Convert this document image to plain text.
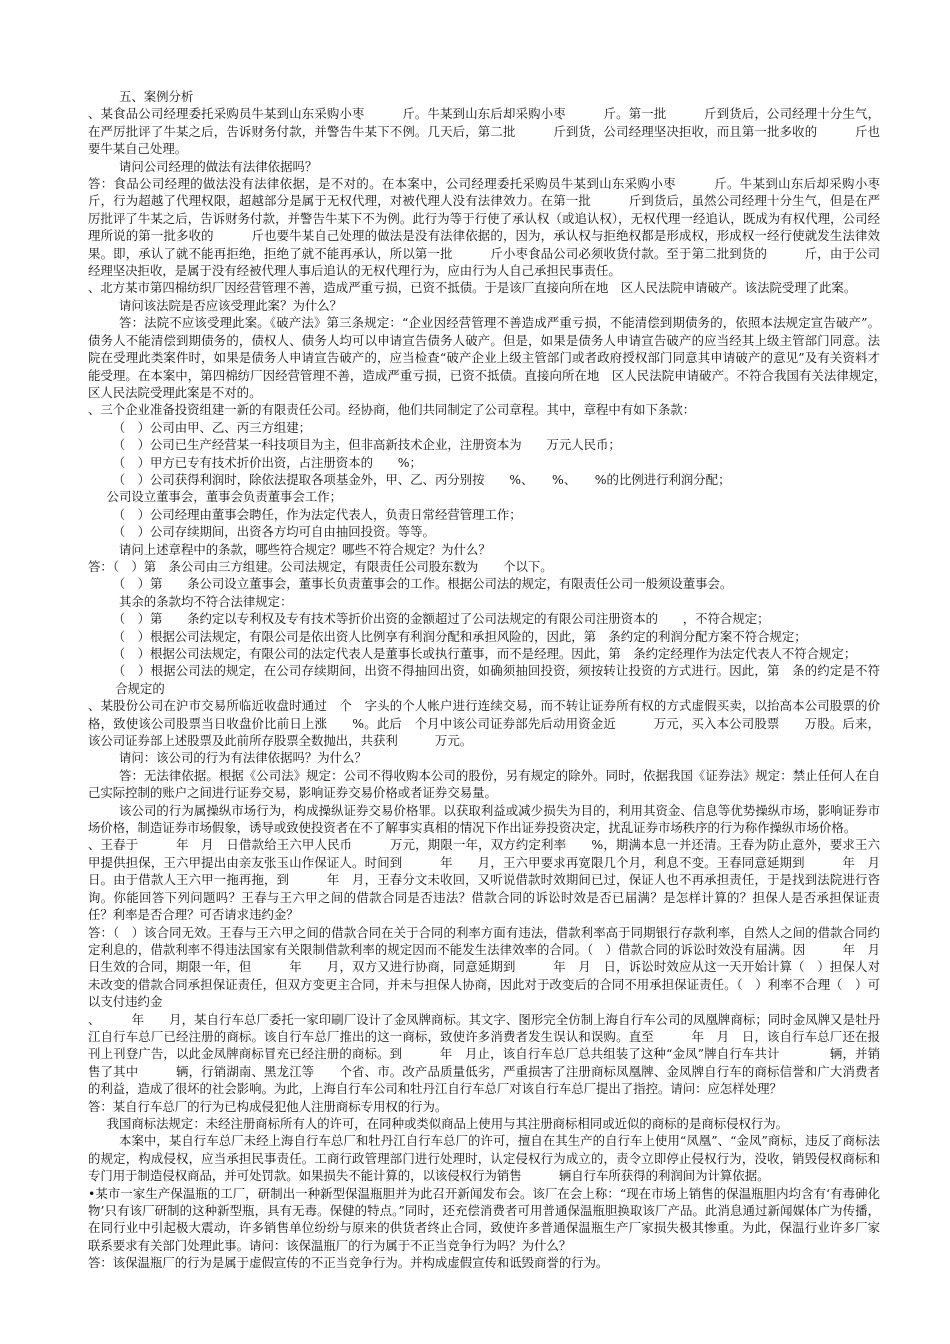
五、案例分析

、某食品公司经理委托采购员牛某到山东采购小枣　　　斤。牛某到山东后却采购小枣　　　斤。第一批　　　斤到货后，公司经理十分生气，在严厉批评了牛某之后，告诉财务付款，并警告牛某下不例。几天后，第二批　　　斤到货，公司经理坚决拒收，而且第一批多收的　　　斤也要牛某自己处理。

请问公司经理的做法有法律依据吗？

答：食品公司经理的做法没有法律依据，是不对的。在本案中，公司经理委托采购员牛某到山东采购小枣　　　斤。牛某到山东后却采购小枣　　　斤，行为超越了代理权限，超越部分是属于无权代理，对被代理人没有法律效力。在第一批　　　斤到货后，虽然公司经理十分生气，但是在严厉批评了牛某之后，告诉财务付款，并警告牛某下不为例。此行为等于行使了承认权（或追认权），无权代理一经追认，既成为有权代理，公司经理所说的第一批多收的　　　斤也要牛某自己处理的做法是没有法律依据的，因为，承认权与拒绝权都是形成权，形成权一经行使就发生法律效果。即，承认了就不能再拒绝，拒绝了就不能再承认，所以第一批　　　斤小枣食品公司必须收货付款。至于第二批到货的　　　斤，由于公司经理坚决拒收，是属于没有经被代理人事后追认的无权代理行为，应由行为人自己承担民事责任。

、北方某市第四棉纺织厂因经营管理不善，造成严重亏损，已资不抵债。于是该厂直接向所在地　区人民法院申请破产。该法院受理了此案。

请问该法院是否应该受理此案？为什么？

答：法院不应该受理此案。《破产法》第三条规定：“企业因经营管理不善造成严重亏损，不能清偿到期债务的，依照本法规定宣告破产”。债务人不能清偿到期债务的，债权人、债务人均可以申请宣告债务人破产。但是，如果是债务人申请宣告破产的应当经其上级主管部门同意。法院在受理此类案件时，如果是债务人申请宣告破产的，应当检查“破产企业上级主管部门或者政府授权部门同意其申请破产的意见”及有关资料才能受理。在本案中，第四棉纺厂因经营管理不善，造成严重亏损，已资不抵债。直接向所在地　区人民法院申请破产。不符合我国有关法律规定，　区人民法院受理此案是不对的。

、三个企业准备投资组建一新的有限责任公司。经协商，他们共同制定了公司章程。其中，章程中有如下条款：

（　）公司由甲、乙、丙三方组建；

（　）公司已生产经营某一科技项目为主，但非高新技术企业，注册资本为　　万元人民币；

（　）甲方已专有技术折价出资，占注册资本的　　%；

（　）公司获得利润时，除依法提取各项基金外，甲、乙、丙分别按　　%、　　%、　　%的比例进行利润分配；

公司设立董事会，董事会负责董事会工作；

（　）公司经理由董事会聘任，作为法定代表人，负责日常经营管理工作；

（　）公司存续期间，出资各方均可自由抽回投资。等等。

请问上述章程中的条款，哪些符合规定？哪些不符合规定？为什么？

答：（　）第　条公司由三方组建。公司法规定，有限责任公司股东数为　　个以下。

（　）第　　条公司设立董事会，董事长负责董事会的工作。根据公司法的规定，有限责任公司一般须设董事会。

其余的条款均不符合法律规定：

（　）第　　条约定以专利权及专有技术等折价出资的金额超过了公司法规定的有限公司注册资本的　　，不符合规定；

（　）根据公司法规定，有限公司是依出资人比例享有利润分配和承担风险的，因此，第　条约定的利润分配方案不符合规定；

（　）根据公司法规定，有限公司的法定代表人是董事长或执行董事，而不是经理。因此，第　条约定经理作为法定代表人不符合规定；

（　）根据公司法的规定，在公司存续期间，出资不得抽回出资，如确须抽回投资，须按转让投资的方式进行。因此，第　条的约定是不符合规定的

、某股份公司在沪市交易所临近收盘时通过　个　字头的个人帐户进行连续交易，而不转让证券所有权的方式虚假买卖，以抬高本公司股票的价格，致使该公司股票当日收盘价比前日上涨　　%。此后　个月中该公司证券部先后动用资金近　　　万元，买入本公司股票　　万股。后来，该公司证券部上述股票及此前所存股票全数抛出，共获利　　　万元。

请问：该公司的行为有法律依据吗？为什么？

答：无法律依据。根据《公司法》规定：公司不得收购本公司的股份，另有规定的除外。同时，依据我国《证券法》规定：禁止任何人在自己实际控制的账户之间进行证券交易，影响证券交易价格或者证券交易量。

该公司的行为属操纵市场行为，构成操纵证券交易价格罪。以获取利益或减少损失为目的，利用其资金、信息等优势操纵市场，影响证券市场价格，制造证券市场假象，诱导或致使投资者在不了解事实真相的情况下作出证券投资决定，扰乱证券市场秩序的行为称作操纵市场价格。

、王春于　　　年　月　日借款给王六甲人民币　　　万元，期限一年，双方约定利率　　%，期满本息一并还清。王春为防止意外，要求王六甲提供担保，王六甲提出由亲友张玉山作保证人。时间到　　　年　　月，王六甲要求再宽限几个月，利息不变。王春同意延期到　　　年　月　　日。由于借款人王六甲一拖再拖，到　　　年　月，王春分文未收回，又听说借款时效期间已过，保证人也不再承担责任，于是找到法院进行咨询。你能回答下列问题吗？王春与王六甲之间的借款合同是否违法？借款合同的诉讼时效是否已届满？是怎样计算的？担保人是否承担保证责任？利率是否合理？可否请求违约金？

答：（　）该合同无效。王春与王六甲之间的借款合同在关于合同的利率方面有违法，借款利率高于同期银行存款利率，自然人之间的借款合同约定利息的，借款利率不得违法国家有关限制借款利率的规定因而不能发生法律效率的合同。（　）借款合同的诉讼时效没有届满。因　　　年　月　　日生效的合同，期限一年，但　　　年　　月，双方又进行协商，同意延期到　　　年　月　日，诉讼时效应从这一天开始计算（　）担保人对未改变的借款合同承担保证责任，但双方变更主合同，并未与担保人协商，因此对于改变后的合同不用承担保证责任。（　）利率不合理（　）可以支付违约金

、　　　年　　月，某自行车总厂委托一家印刷厂设计了金凤牌商标。其文字、图形完全仿制上海自行车公司的凤凰牌商标；同时金凤牌又是牡丹江自行车总厂已经注册的商标。该自行车总厂推出的这一商标，致使许多消费者发生误认和误购。直至　　　年　月　日，该自行车总厂还在报刊上刊登广告，以此金凤牌商标冒充已经注册的商标。到　　　年　月止，该自行车总厂总共组装了这种“金凤”牌自行车共计　　　　辆，并销售了其中　　　辆，行销湖南、黑龙江等　　个省、市。改产品质量低劣，严重损害了注册商标凤凰牌、金凤牌自行车的商标信誉和广大消费者的利益，造成了很坏的社会影响。为此，上海自行车公司和牡丹江自行车总厂对该自行车总厂提出了指控。请问：应怎样处理？

答：某自行车总厂的行为已构成侵犯他人注册商标专用权的行为。

我国商标法规定：未经注册商标所有人的许可，在同种或类似商品上使用与其注册商标相同或近似的商标的是商标侵权行为。

本案中，某自行车总厂未经上海自行车总厂和牡丹江自行车总厂的许可，擅自在其生产的自行车上使用“凤凰”、“金凤”商标，违反了商标法的规定，构成侵权，应当承担民事责任。工商行政管理部门进行处理时，认定侵权行为成立的，责令立即停止侵权行为，没收，销毁侵权商标和专门用于制造侵权商品，并可处罚款。如果损失不能计算的，以该侵权行为销售　　　辆自行车所获得的利润间为计算依据。

•某市一家生产保温瓶的工厂，研制出一种新型保温瓶胆并为此召开新闻发布会。该厂在会上称：“现在市场上销售的保温瓶胆内均含有‘有毒砷化物’只有该厂研制的这种新型瓶，具有无毒。保健的特点。”同时，还充偿消费者可用普通保温瓶胆换取该厂产品。此消息通过新闻媒体广为传播，在同行业中引起极大震动，许多销售单位纷纷与原来的供货者终止合同，致使许多普通保温瓶生产厂家损失极其惨重。为此，保温行业许多厂家联系要求有关部门处理此事。请问：该保温瓶厂的行为属于不正当竞争行为吗？为什么？

答：该保温瓶厂的行为是属于虚假宣传的不正当竞争行为。并构成虚假宣传和诋毁商誉的行为。
